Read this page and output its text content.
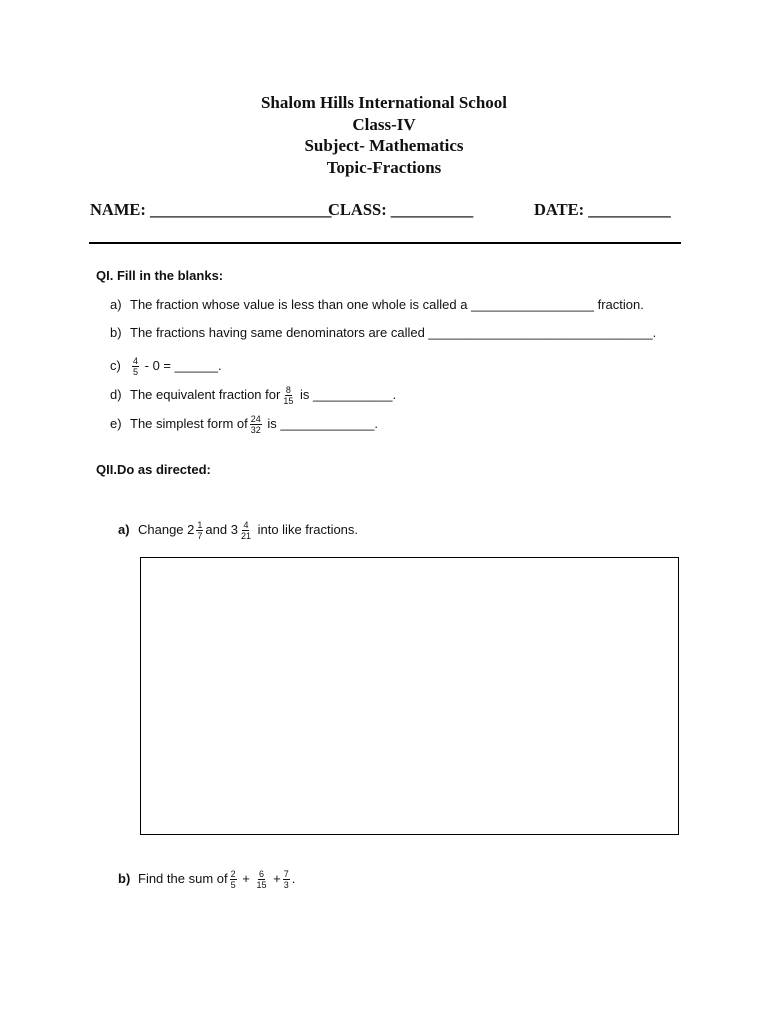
Shalom Hills International School
Class-IV
Subject- Mathematics
Topic-Fractions
NAME: ______________________
CLASS: __________	DATE: __________
QI. Fill in the blanks:
a) The fraction whose value is less than one whole is called a _________________ fraction.
b) The fractions having same denominators are called _______________________________.
$c) \frac{4}{5} - 0$ = ______.
d) The equivalent fraction for $\frac{8}{15}$ is ___________.
e) The simplest form of $\frac{24}{32}$ is _____________.
QII.Do as directed:
a) Change $2 \frac{1}{7}$ and $3 \frac{4}{21}$ into like fractions.
b) Find the sum of $\frac{2}{5} + \frac{6}{15} + \frac{7}{3}$ .
